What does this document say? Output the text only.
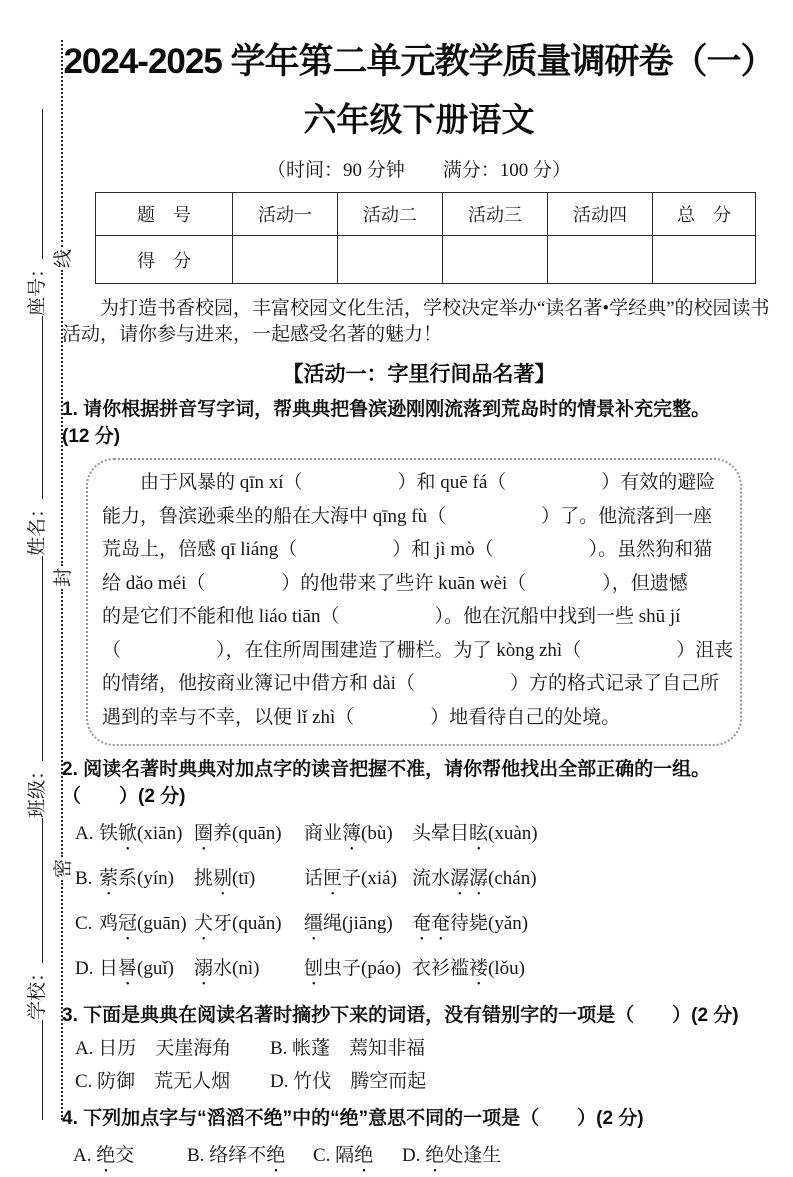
学校：
班级：
姓名：
座号：
密
封
线
2024-2025 学年第二单元教学质量调研卷（一）
六年级下册语文
（时间：90 分钟　　满分：100 分）
题　号	活动一	活动二	活动三	活动四	总　分
得　分					
为打造书香校园，丰富校园文化生活，学校决定举办“读名著•学经典”的校园读书活动，请你参与进来，一起感受名著的魅力！
【活动一：字里行间品名著】
1. 请你根据拼音写字词，帮典典把鲁滨逊刚刚流落到荒岛时的情景补充完整。
(12 分)
由于风暴的 qīn xí（　　　　　）和 quē fá（　　　　　）有效的避险
能力，鲁滨逊乘坐的船在大海中 qīng fù（　　　　　）了。他流落到一座
荒岛上，倍感 qī liáng（　　　　　）和 jì mò（　　　　　）。虽然狗和猫
给 dǎo méi（　　　　）的他带来了些许 kuān wèi（　　　　），但遗憾
的是它们不能和他 liáo tiān（　　　　　）。他在沉船中找到一些 shū jí
（　　　　　），在住所周围建造了栅栏。为了 kòng zhì（　　　　　）沮丧
的情绪，他按商业簿记中借方和 dài（　　　　　）方的格式记录了自己所
遇到的幸与不幸，以便 lǐ zhì（　　　　）地看待自己的处境。
2. 阅读名著时典典对加点字的读音把握不准，请你帮他找出全部正确的一组。
（　　）(2 分)
A. 铁锨(xiān) 圈养(quān)	商业簿(bù)	头晕目眩(xuàn)
B. 萦系(yín)	挑剔(tī)	话匣子(xiá) 流水潺潺(chán)
C. 鸡冠(guān) 犬牙(quǎn)	缰绳(jiāng)	奄奄待毙(yǎn)
D. 日晷(guǐ)	溺水(nì)	刨虫子(páo) 衣衫褴褛(lǒu)
3. 下面是典典在阅读名著时摘抄下来的词语，没有错别字的一项是（　　）(2 分)
A. 日历　天崖海角	B. 帐蓬　蔫知非福
C. 防御　荒无人烟	D. 竹伐　腾空而起
4. 下列加点字与“滔滔不绝”中的“绝”意思不同的一项是（　　）(2 分)
A. 绝交	B. 络绎不绝	C. 隔绝	D. 绝处逢生
